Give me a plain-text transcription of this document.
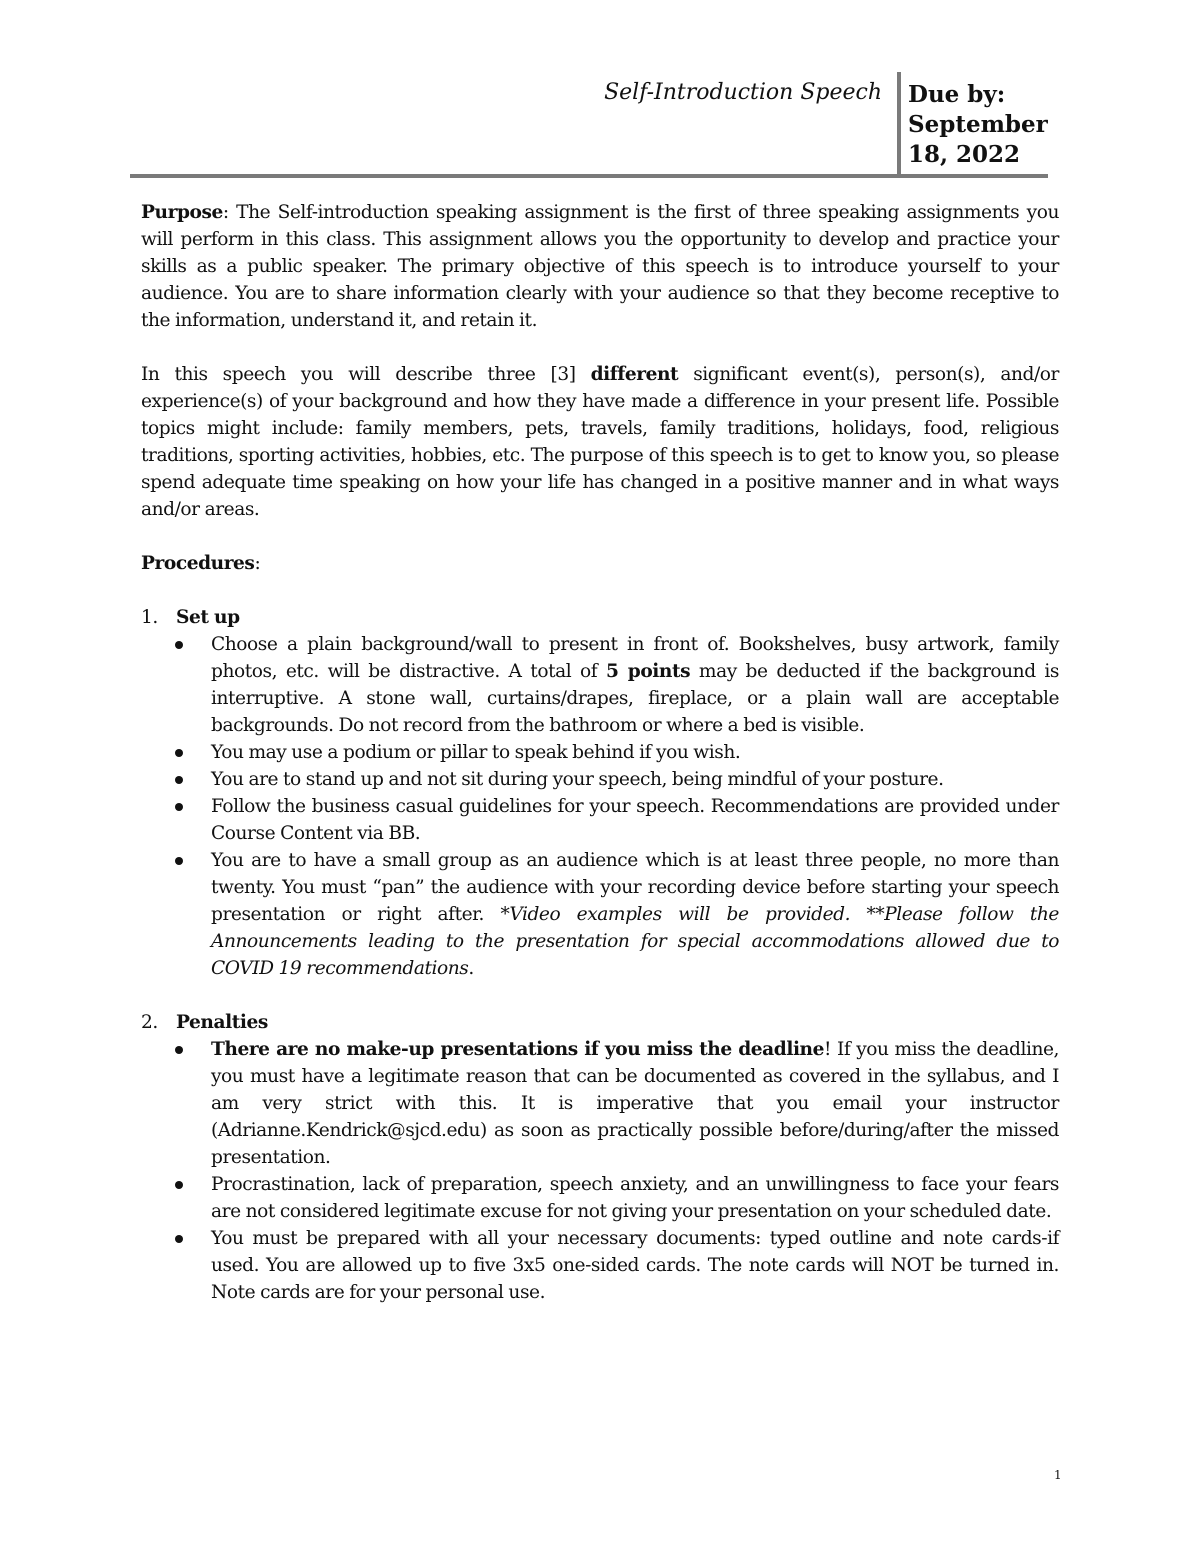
Self-Introduction Speech Due by:
September
18, 2022

Purpose: The Self-introduction speaking assignment is the first of three speaking assignments you will perform in this class. This assignment allows you the opportunity to develop and practice your skills as a public speaker. The primary objective of this speech is to introduce yourself to your audience. You are to share information clearly with your audience so that they become receptive to the information, understand it, and retain it.

In this speech you will describe three [3] different significant event(s), person(s), and/or experience(s) of your background and how they have made a difference in your present life. Possible topics might include: family members, pets, travels, family traditions, holidays, food, religious traditions, sporting activities, hobbies, etc. The purpose of this speech is to get to know you, so please spend adequate time speaking on how your life has changed in a positive manner and in what ways and/or areas.

Procedures:

1. Set up
Choose a plain background/wall to present in front of. Bookshelves, busy artwork, family photos, etc. will be distractive. A total of 5 points may be deducted if the background is interruptive. A stone wall, curtains/drapes, fireplace, or a plain wall are acceptable backgrounds. Do not record from the bathroom or where a bed is visible.
You may use a podium or pillar to speak behind if you wish.
You are to stand up and not sit during your speech, being mindful of your posture.
Follow the business casual guidelines for your speech. Recommendations are provided under Course Content via BB.
You are to have a small group as an audience which is at least three people, no more than twenty. You must “pan” the audience with your recording device before starting your speech presentation or right after. *Video examples will be provided. **Please follow the Announcements leading to the presentation for special accommodations allowed due to COVID 19 recommendations.
2. Penalties
There are no make-up presentations if you miss the deadline! If you miss the deadline, you must have a legitimate reason that can be documented as covered in the syllabus, and I am very strict with this. It is imperative that you email your instructor (Adrianne.Kendrick@sjcd.edu) as soon as practically possible before/during/after the missed presentation.
Procrastination, lack of preparation, speech anxiety, and an unwillingness to face your fears are not considered legitimate excuse for not giving your presentation on your scheduled date.
You must be prepared with all your necessary documents: typed outline and note cards-if used. You are allowed up to five 3x5 one-sided cards. The note cards will NOT be turned in. Note cards are for your personal use.
1
